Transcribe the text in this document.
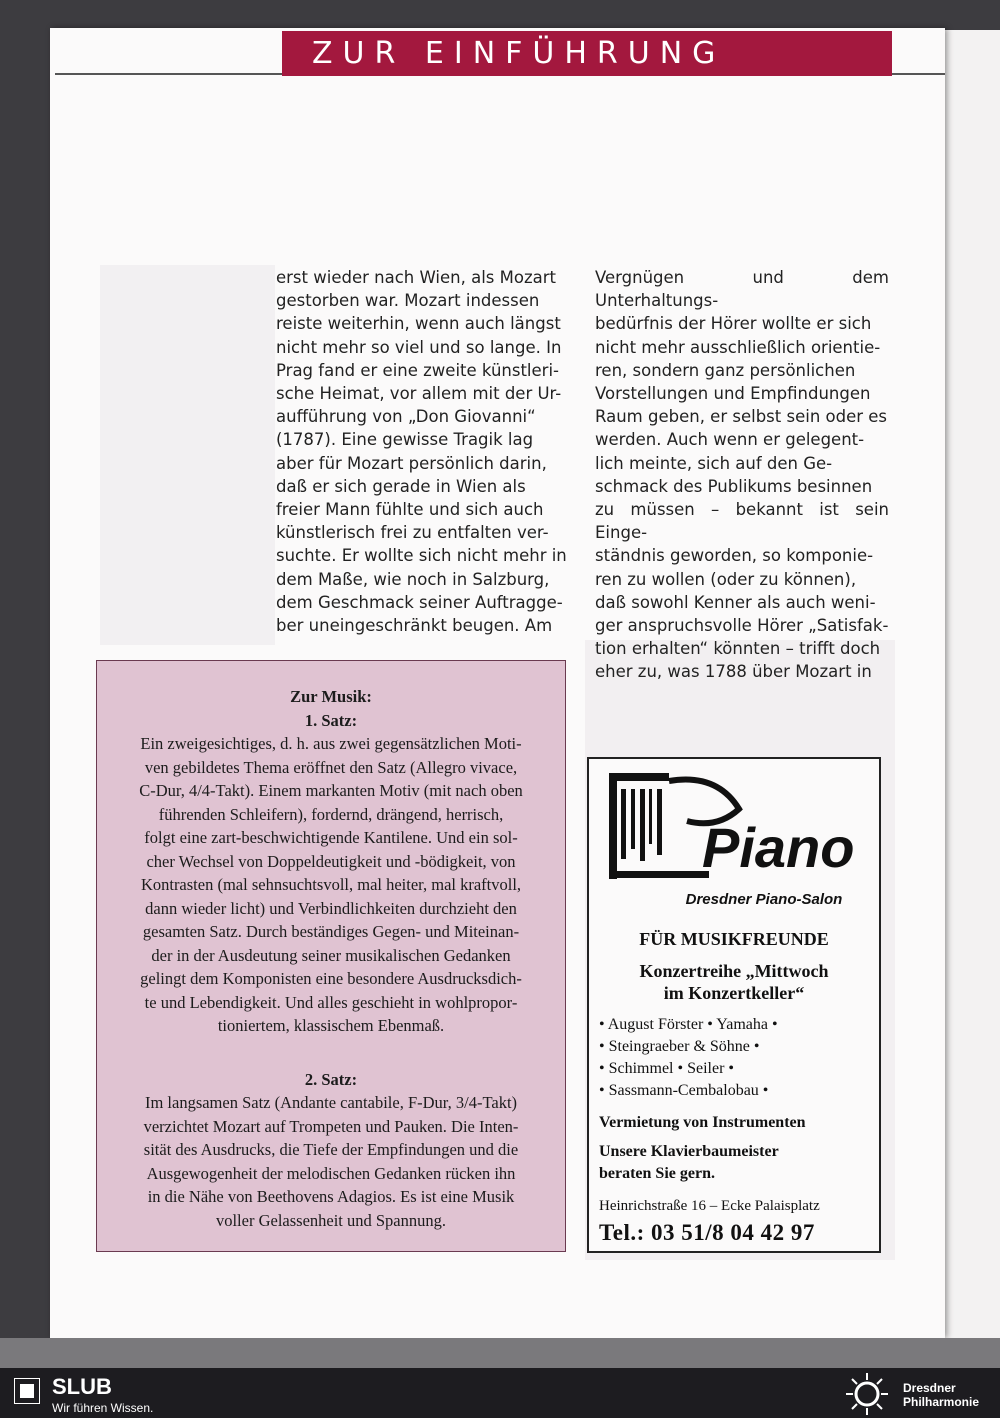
ZUR EINFÜHRUNG
erst wieder nach Wien, als Mozart
gestorben war. Mozart indessen
reiste weiterhin, wenn auch längst
nicht mehr so viel und so lange. In
Prag fand er eine zweite künstleri-
sche Heimat, vor allem mit der Ur-
aufführung von „Don Giovanni“
(1787). Eine gewisse Tragik lag
aber für Mozart persönlich darin,
daß er sich gerade in Wien als
freier Mann fühlte und sich auch
künstlerisch frei zu entfalten ver-
suchte. Er wollte sich nicht mehr in
dem Maße, wie noch in Salzburg,
dem Geschmack seiner Auftragge-
ber uneingeschränkt beugen. Am
Vergnügen und dem Unterhaltungs-
bedürfnis der Hörer wollte er sich
nicht mehr ausschließlich orientie-
ren, sondern ganz persönlichen
Vorstellungen und Empfindungen
Raum geben, er selbst sein oder es
werden. Auch wenn er gelegent-
lich meinte, sich auf den Ge-
schmack des Publikums besinnen
zu müssen – bekannt ist sein Einge-
ständnis geworden, so komponie-
ren zu wollen (oder zu können),
daß sowohl Kenner als auch weni-
ger anspruchsvolle Hörer „Satisfak-
tion erhalten“ könnten – trifft doch
eher zu, was 1788 über Mozart in

Zur Musik:

1. Satz:

Ein zweigesichtiges, d. h. aus zwei gegensätzlichen Moti-

ven gebildetes Thema eröffnet den Satz (Allegro vivace,

C-Dur, 4/4-Takt). Einem markanten Motiv (mit nach oben

führenden Schleifern), fordernd, drängend, herrisch,

folgt eine zart-beschwichtigende Kantilene. Und ein sol-

cher Wechsel von Doppeldeutigkeit und -bödigkeit, von

Kontrasten (mal sehnsuchtsvoll, mal heiter, mal kraftvoll,

dann wieder licht) und Verbindlichkeiten durchzieht den

gesamten Satz. Durch beständiges Gegen- und Miteinan-

der in der Ausdeutung seiner musikalischen Gedanken

gelingt dem Komponisten eine besondere Ausdrucksdich-

te und Lebendigkeit. Und alles geschieht in wohlpropor-

tioniertem, klassischem Ebenmaß.

2. Satz:

Im langsamen Satz (Andante cantabile, F-Dur, 3/4-Takt)

verzichtet Mozart auf Trompeten und Pauken. Die Inten-

sität des Ausdrucks, die Tiefe der Empfindungen und die

Ausgewogenheit der melodischen Gedanken rücken ihn

in die Nähe von Beethovens Adagios. Es ist eine Musik

voller Gelassenheit und Spannung.

Piano
Dresdner Piano-Salon
FÜR MUSIKFREUNDE
Konzertreihe „Mittwoch
im Konzertkeller“
• August Förster • Yamaha •
• Steingraeber & Söhne •
• Schimmel • Seiler •
• Sassmann-Cembalobau •
Vermietung von Instrumenten
Unsere Klavierbaumeister
beraten Sie gern.
Heinrichstraße 16 – Ecke Palaisplatz
Tel.: 03 51/8 04 42 97
SLUB
Wir führen Wissen.
Dresdner
Philharmonie
